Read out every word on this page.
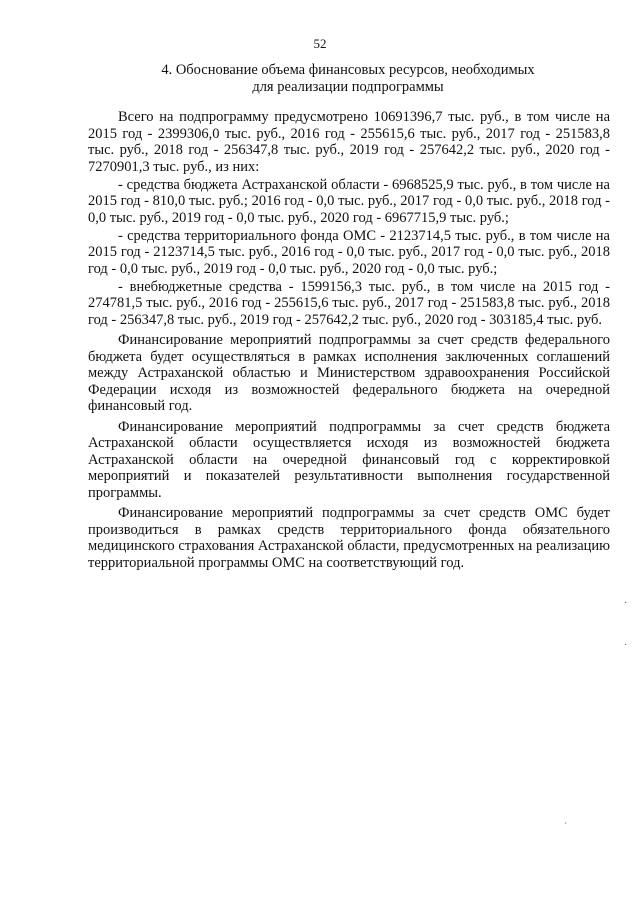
52
4. Обоснование объема финансовых ресурсов, необходимых
для реализации подпрограммы

Всего на подпрограмму предусмотрено 10691396,7 тыс. руб., в том числе на 2015 год - 2399306,0 тыс. руб., 2016 год - 255615,6 тыс. руб., 2017 год - 251583,8 тыс. руб., 2018 год - 256347,8 тыс. руб., 2019 год - 257642,2 тыс. руб., 2020 год - 7270901,3 тыс. руб., из них:

- средства бюджета Астраханской области - 6968525,9 тыс. руб., в том числе на 2015 год - 810,0 тыс. руб.; 2016 год - 0,0 тыс. руб., 2017 год - 0,0 тыс. руб., 2018 год - 0,0 тыс. руб., 2019 год - 0,0 тыс. руб., 2020 год - 6967715,9 тыс. руб.;

- средства территориального фонда ОМС - 2123714,5 тыс. руб., в том числе на 2015 год - 2123714,5 тыс. руб., 2016 год - 0,0 тыс. руб., 2017 год - 0,0 тыс. руб., 2018 год - 0,0 тыс. руб., 2019 год - 0,0 тыс. руб., 2020 год - 0,0 тыс. руб.;

- внебюджетные средства - 1599156,3 тыс. руб., в том числе на 2015 год - 274781,5 тыс. руб., 2016 год - 255615,6 тыс. руб., 2017 год - 251583,8 тыс. руб., 2018 год - 256347,8 тыс. руб., 2019 год - 257642,2 тыс. руб., 2020 год - 303185,4 тыс. руб.

Финансирование мероприятий подпрограммы за счет средств федерального бюджета будет осуществляться в рамках исполнения заключенных соглашений между Астраханской областью и Министерством здравоохранения Российской Федерации исходя из возможностей федерального бюджета на очередной финансовый год.

Финансирование мероприятий подпрограммы за счет средств бюджета Астраханской области осуществляется исходя из возможностей бюджета Астраханской области на очередной финансовый год с корректировкой мероприятий и показателей результативности выполнения государственной программы.

Финансирование мероприятий подпрограммы за счет средств ОМС будет производиться в рамках средств территориального фонда обязательного медицинского страхования Астраханской области, предусмотренных на реализацию территориальной программы ОМС на соответствующий год.

·
·
´
